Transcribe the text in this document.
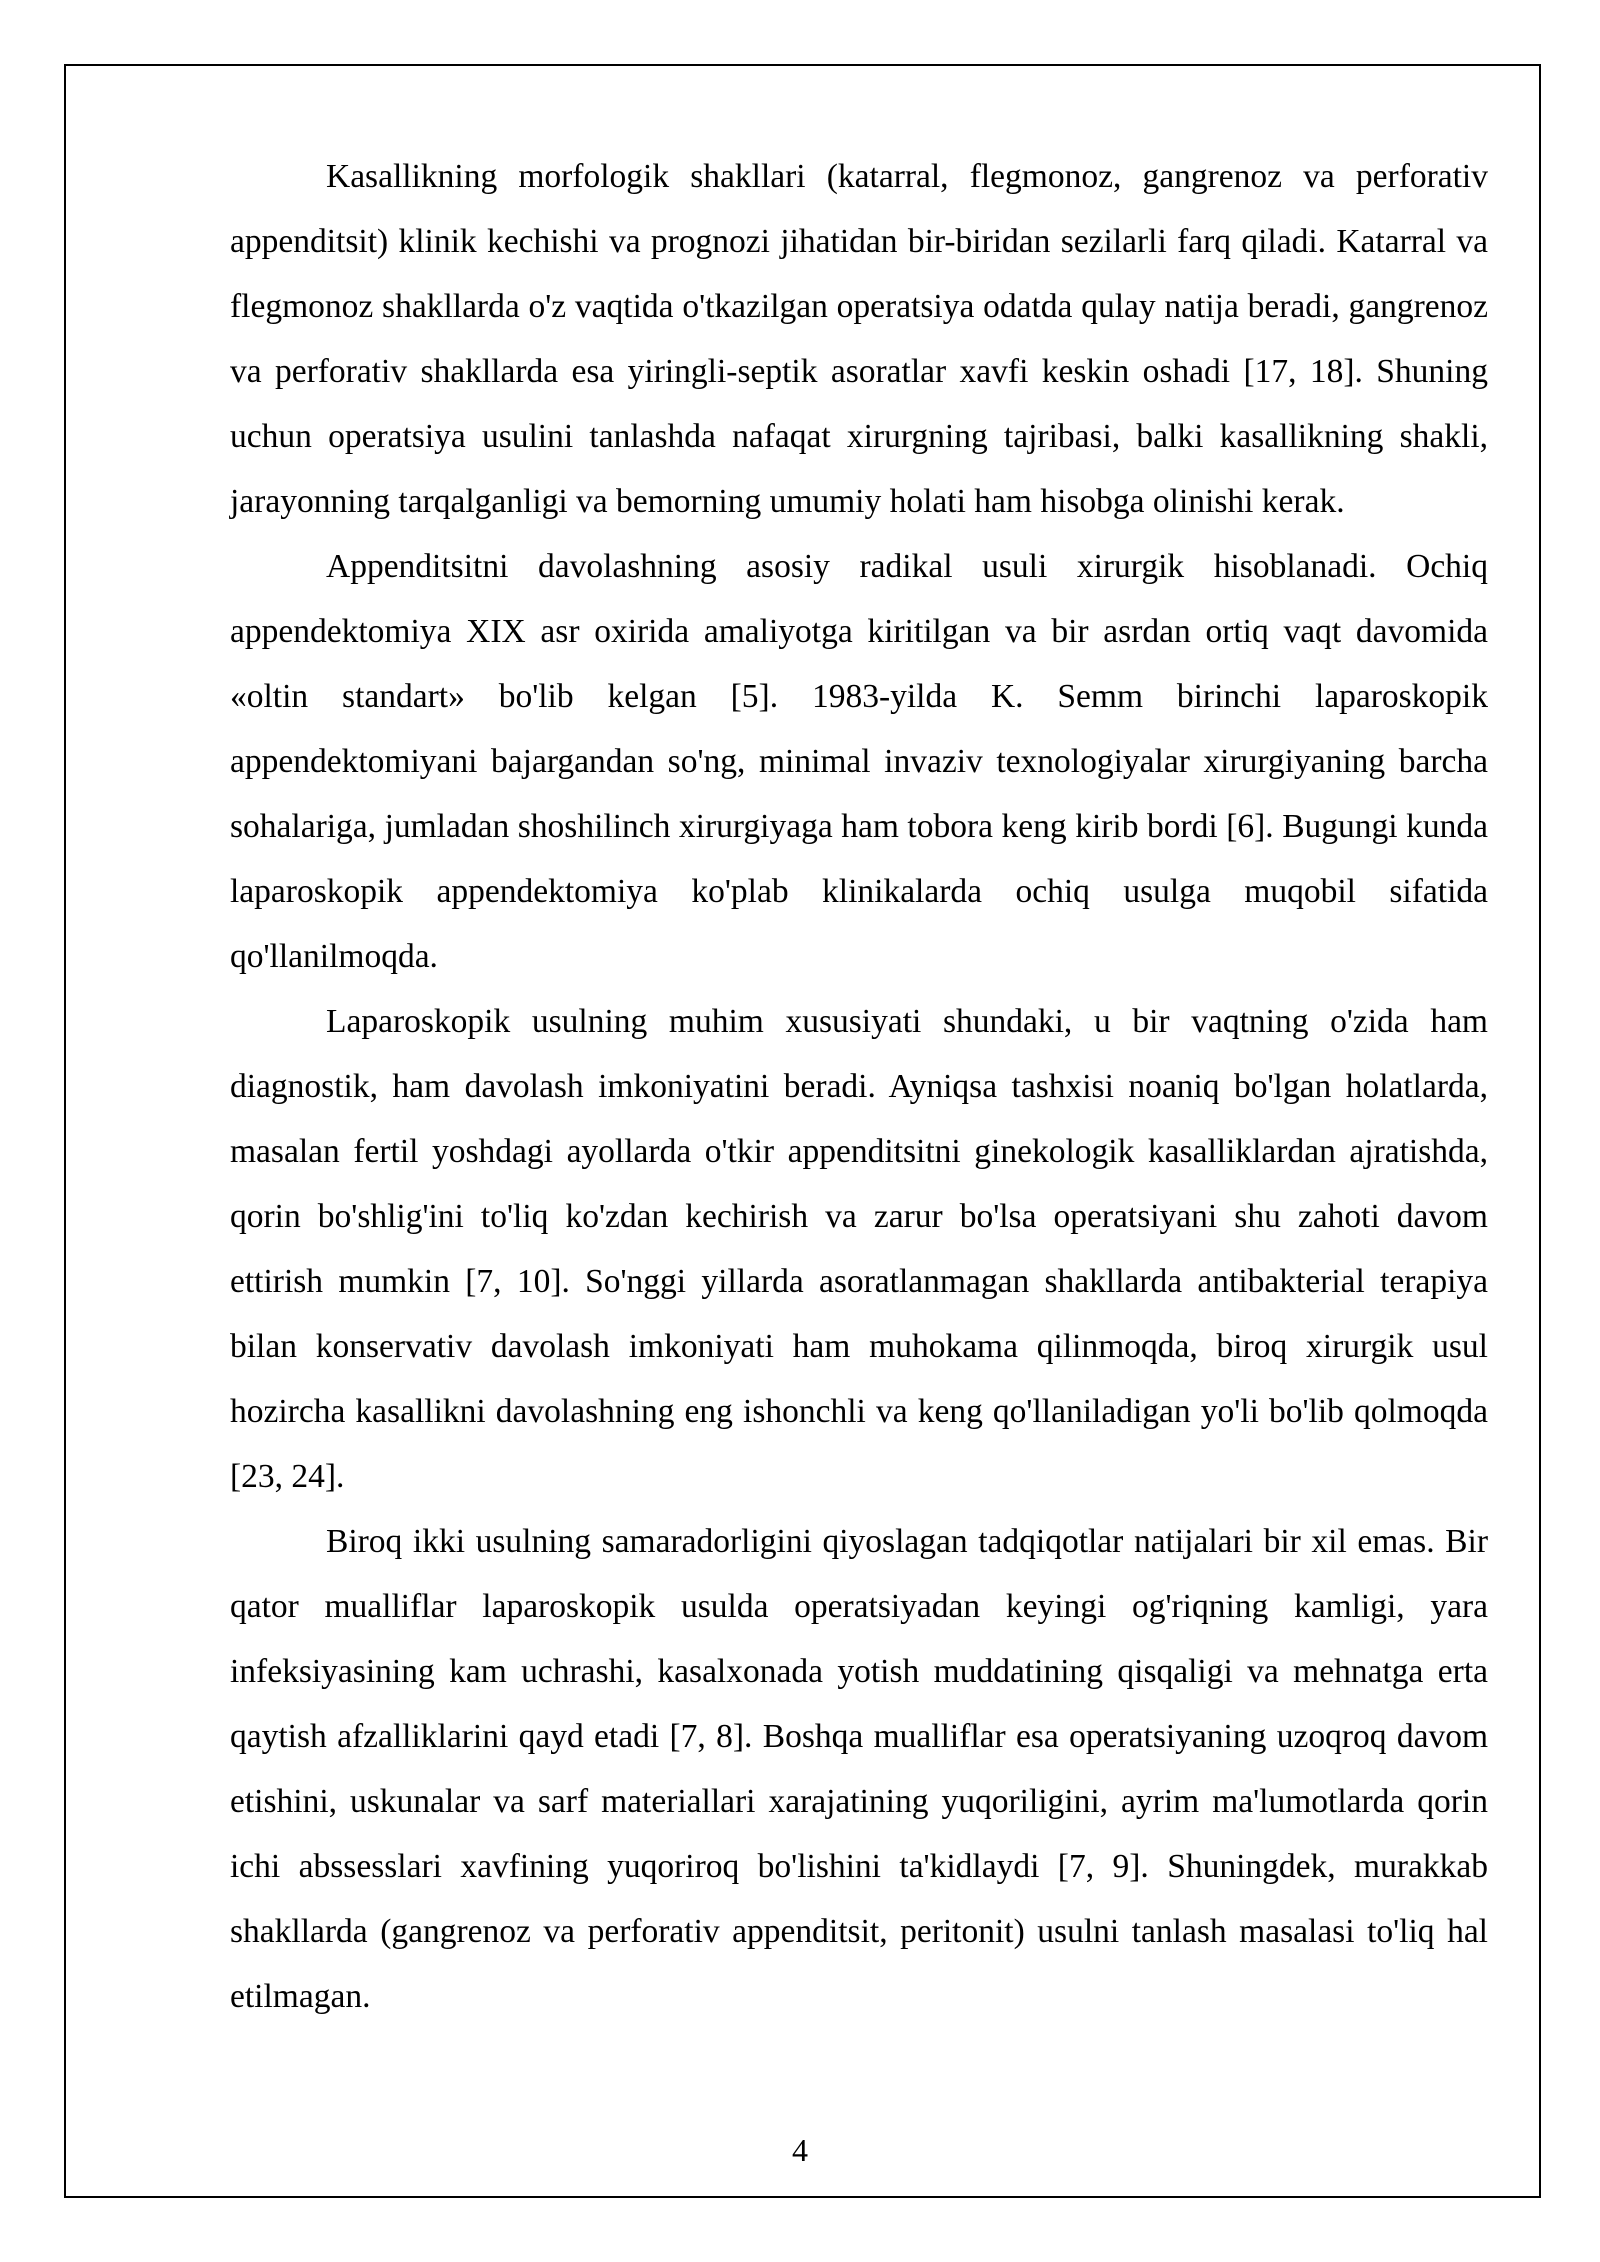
Kasallikning morfologik shakllari (katarral, flegmonoz, gangrenoz va perforativ appenditsit) klinik kechishi va prognozi jihatidan bir-biridan sezilarli farq qiladi. Katarral va flegmonoz shakllarda o'z vaqtida o'tkazilgan operatsiya odatda qulay natija beradi, gangrenoz va perforativ shakllarda esa yiringli-septik asoratlar xavfi keskin oshadi [17, 18]. Shuning uchun operatsiya usulini tanlashda nafaqat xirurgning tajribasi, balki kasallikning shakli, jarayonning tarqalganligi va bemorning umumiy holati ham hisobga olinishi kerak.

Appenditsitni davolashning asosiy radikal usuli xirurgik hisoblanadi. Ochiq appendektomiya XIX asr oxirida amaliyotga kiritilgan va bir asrdan ortiq vaqt davomida «oltin standart» bo'lib kelgan [5]. 1983-yilda K. Semm birinchi laparoskopik appendektomiyani bajargandan so'ng, minimal invaziv texnologiyalar xirurgiyaning barcha sohalariga, jumladan shoshilinch xirurgiyaga ham tobora keng kirib bordi [6]. Bugungi kunda laparoskopik appendektomiya ko'plab klinikalarda ochiq usulga muqobil sifatida qo'llanilmoqda.

Laparoskopik usulning muhim xususiyati shundaki, u bir vaqtning o'zida ham diagnostik, ham davolash imkoniyatini beradi. Ayniqsa tashxisi noaniq bo'lgan holatlarda, masalan fertil yoshdagi ayollarda o'tkir appenditsitni ginekologik kasalliklardan ajratishda, qorin bo'shlig'ini to'liq ko'zdan kechirish va zarur bo'lsa operatsiyani shu zahoti davom ettirish mumkin [7, 10]. So'nggi yillarda asoratlanmagan shakllarda antibakterial terapiya bilan konservativ davolash imkoniyati ham muhokama qilinmoqda, biroq xirurgik usul hozircha kasallikni davolashning eng ishonchli va keng qo'llaniladigan yo'li bo'lib qolmoqda [23, 24].

Biroq ikki usulning samaradorligini qiyoslagan tadqiqotlar natijalari bir xil emas. Bir qator mualliflar laparoskopik usulda operatsiyadan keyingi og'riqning kamligi, yara infeksiyasining kam uchrashi, kasalxonada yotish muddatining qisqaligi va mehnatga erta qaytish afzalliklarini qayd etadi [7, 8]. Boshqa mualliflar esa operatsiyaning uzoqroq davom etishini, uskunalar va sarf materiallari xarajatining yuqoriligini, ayrim ma'lumotlarda qorin ichi abssesslari xavfining yuqoriroq bo'lishini ta'kidlaydi [7, 9]. Shuningdek, murakkab shakllarda (gangrenoz va perforativ appenditsit, peritonit) usulni tanlash masalasi to'liq hal etilmagan.

4
